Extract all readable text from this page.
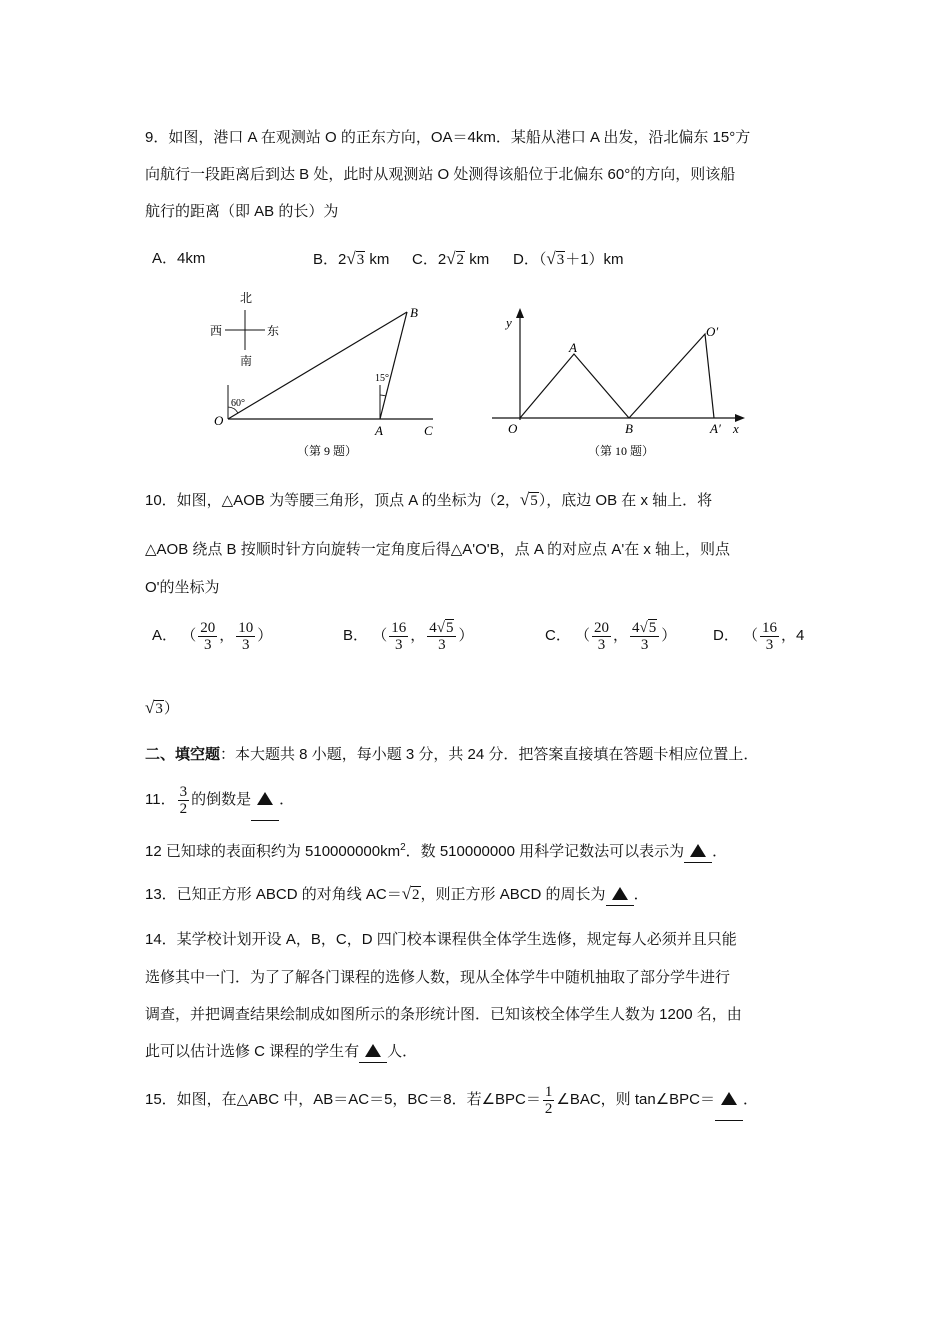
9．如图，港口 A 在观测站 O 的正东方向，OA＝4km．某船从港口 A 出发，沿北偏东 15°方
向航行一段距离后到达 B 处，此时从观测站 O 处测得该船位于北偏东 60°的方向，则该船
航行的距离（即 AB 的长）为
A．4km	B．2√3 km C．2√2 km D．（√3＋1）km
北
南
西	东
O
A
B
C
60°
15°
（第 9 题）
y
x
O
A
B
O′
A′
（第 10 题）
10．如图，△AOB 为等腰三角形，顶点 A 的坐标为（2，√5），底边 OB 在 x 轴上．将
△AOB 绕点 B 按顺时针方向旋转一定角度后得△A'O'B，点 A 的对应点 A'在 x 轴上，则点
O'的坐标为
A． （ $\frac{20}{3}$ ， $\frac{10}{3}$ ）	B． （ $\frac{16}{3}$ ， $\frac{4√5}{3}$ ）	C． （ $\frac{20}{3}$ ， $\frac{4√5}{3}$ ） D． （ $\frac{16}{3}$ ，4
√3）
二、填空题：本大题共 8 小题，每小题 3 分，共 24 分．把答案直接填在答题卡相应位置上．
11． $\frac{3}{2}$ 的倒数是 ．
12 已知球的表面积约为 $510000000km^2$．数 510000000 用科学记数法可以表示为 ．
13．已知正方形 ABCD 的对角线 AC＝√2，则正方形 ABCD 的周长为 ．
14．某学校计划开设 A，B，C，D 四门校本课程供全体学生选修，规定每人必须并且只能
选修其中一门．为了了解各门课程的选修人数，现从全体学牛中随机抽取了部分学牛进行
调查，并把调查结果绘制成如图所示的条形统计图．已知该校全体学生人数为 1200 名，由
此可以估计选修 C 课程的学生有 人．
15．如图，在△ABC 中，AB＝AC＝5，BC＝8．若∠BPC＝ $\frac{1}{2}$ ∠BAC，则 tan∠BPC＝ ．
